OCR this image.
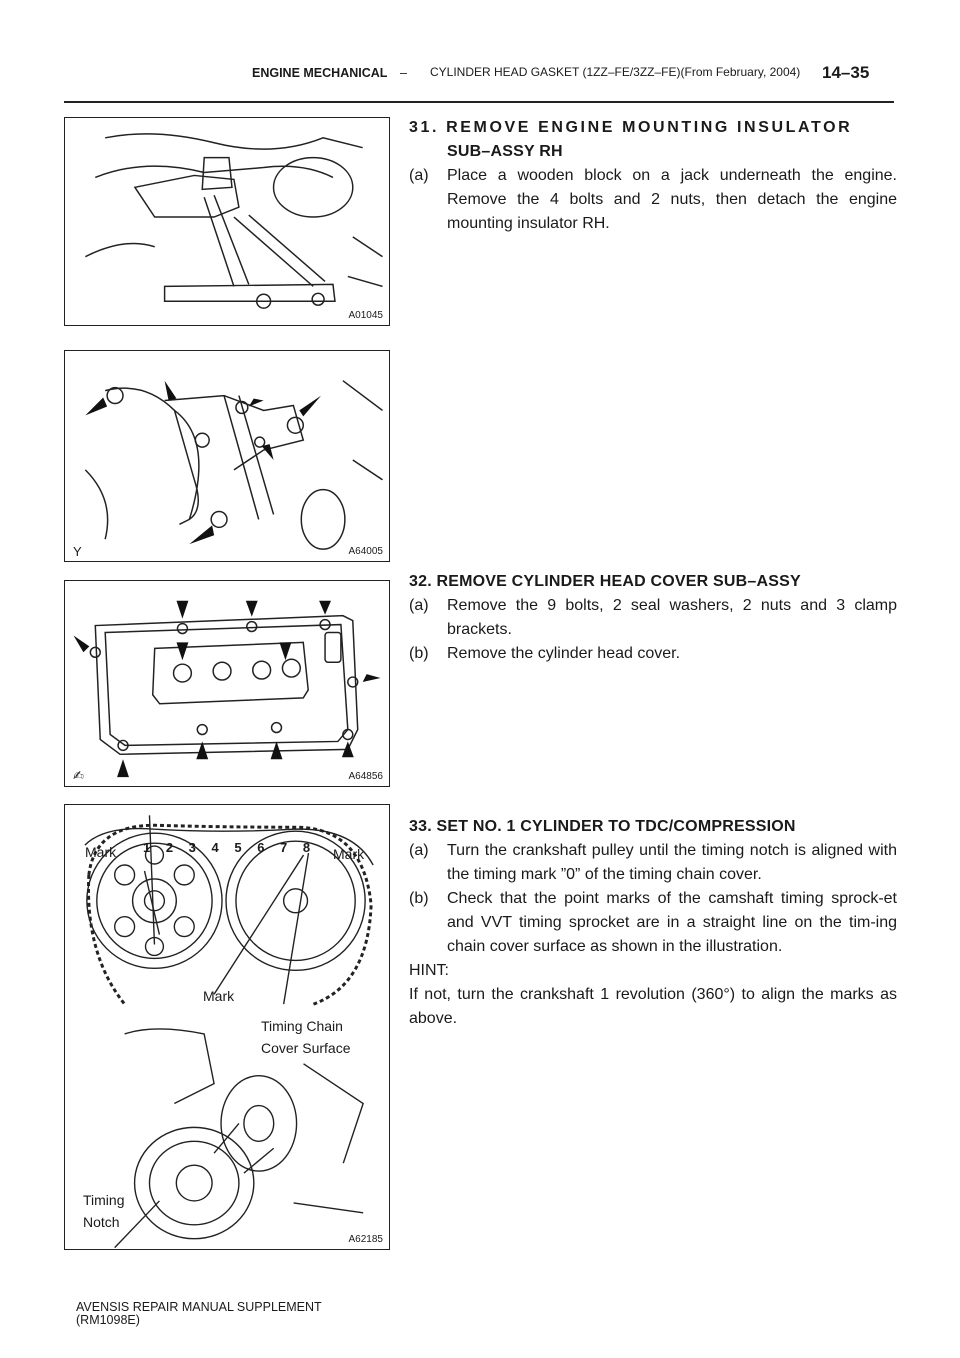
ENGINE MECHANICAL – CYLINDER HEAD GASKET (1ZZ–FE/3ZZ–FE)(From February, 2004)	14–35
A01045
Y	A64005
✍	A64856
Mark 1 2 3 4 5 6 7 8 Mark
Mark
Timing Chain
Cover Surface
Timing
Notch
A62185
31. REMOVE ENGINE MOUNTING INSULATOR
SUB–ASSY RH
(a) Place a wooden block on a jack underneath the engine. Remove the 4 bolts and 2 nuts, then detach the engine mounting insulator RH.
32. REMOVE CYLINDER HEAD COVER SUB–ASSY
(a) Remove the 9 bolts, 2 seal washers, 2 nuts and 3 clamp brackets.
(b) Remove the cylinder head cover.
33. SET NO. 1 CYLINDER TO TDC/COMPRESSION
(a) Turn the crankshaft pulley until the timing notch is aligned with the timing mark ”0” of the timing chain cover.
(b) Check that the point marks of the camshaft timing sprock-et and VVT timing sprocket are in a straight line on the tim-ing chain cover surface as shown in the illustration.
HINT:
If not, turn the crankshaft 1 revolution (360°) to align the marks as above.
AVENSIS REPAIR MANUAL SUPPLEMENT
(RM1098E)
